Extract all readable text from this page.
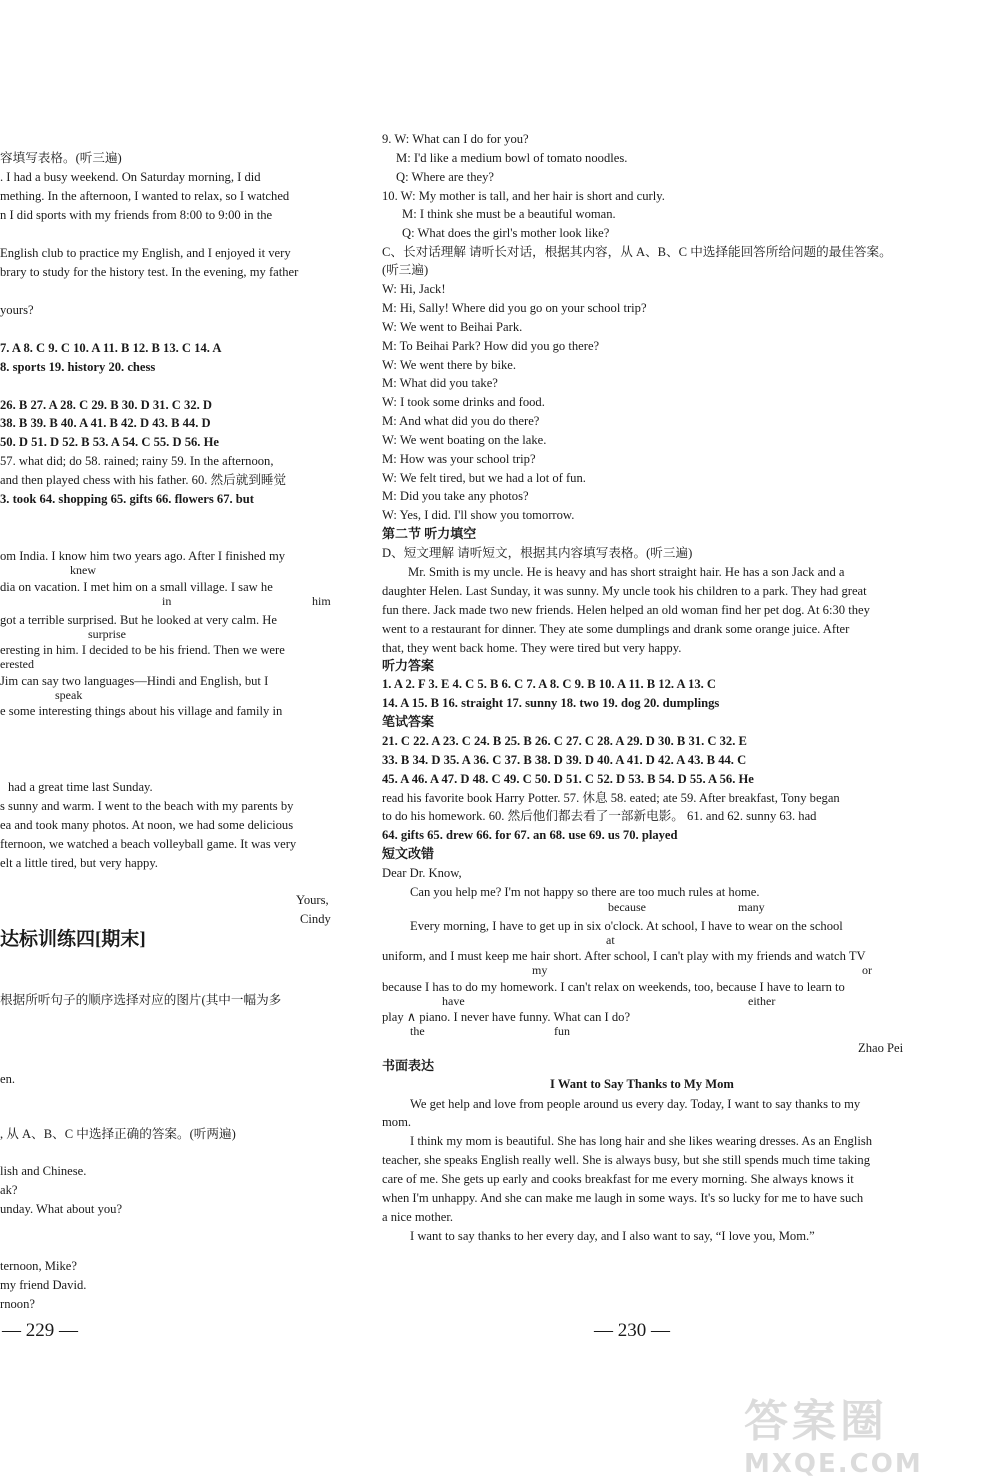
容填写表格。(听三遍)
. I had a busy weekend. On Saturday morning, I did
mething. In the afternoon, I wanted to relax, so I watched
n I did sports with my friends from 8:00 to 9:00 in the
English club to practice my English, and I enjoyed it very
brary to study for the history test. In the evening, my father
yours?
7. A 8. C 9. C 10. A 11. B 12. B 13. C 14. A
8. sports 19. history 20. chess
26. B 27. A 28. C 29. B 30. D 31. C 32. D
38. B 39. B 40. A 41. B 42. D 43. B 44. D
50. D 51. D 52. B 53. A 54. C 55. D 56. He
57. what did; do 58. rained; rainy 59. In the afternoon,
and then played chess with his father. 60. 然后就到睡觉
3. took 64. shopping 65. gifts 66. flowers 67. but
om India. I know him two years ago. After I finished my
knew
dia on vacation. I met him on a small village. I saw he
in	him
got a terrible surprised. But he looked at very calm. He
surprise
eresting in him. I decided to be his friend. Then we were
erested
Jim can say two languages—Hindi and English, but I
speak
e some interesting things about his village and family in
had a great time last Sunday.
s sunny and warm. I went to the beach with my parents by
ea and took many photos. At noon, we had some delicious
fternoon, we watched a beach volleyball game. It was very
elt a little tired, but very happy.
Yours,
Cindy
达标训练四[期末]
根据所听句子的顺序选择对应的图片(其中一幅为多
en.
, 从 A、B、C 中选择正确的答案。(听两遍)
lish and Chinese.
ak?
unday. What about you?
ternoon, Mike?
my friend David.
rnoon?
— 229 —
9. W: What can I do for you?
M: I'd like a medium bowl of tomato noodles.
Q: Where are they?
10. W: My mother is tall, and her hair is short and curly.
M: I think she must be a beautiful woman.
Q: What does the girl's mother look like?
C、长对话理解 请听长对话，根据其内容，从 A、B、C 中选择能回答所给问题的最佳答案。
(听三遍)
W: Hi, Jack!
M: Hi, Sally! Where did you go on your school trip?
W: We went to Beihai Park.
M: To Beihai Park? How did you go there?
W: We went there by bike.
M: What did you take?
W: I took some drinks and food.
M: And what did you do there?
W: We went boating on the lake.
M: How was your school trip?
W: We felt tired, but we had a lot of fun.
M: Did you take any photos?
W: Yes, I did. I'll show you tomorrow.
第二节 听力填空
D、短文理解 请听短文，根据其内容填写表格。(听三遍)
Mr. Smith is my uncle. He is heavy and has short straight hair. He has a son Jack and a
daughter Helen. Last Sunday, it was sunny. My uncle took his children to a park. They had great
fun there. Jack made two new friends. Helen helped an old woman find her pet dog. At 6:30 they
went to a restaurant for dinner. They ate some dumplings and drank some orange juice. After
that, they went back home. They were tired but very happy.
听力答案
1. A 2. F 3. E 4. C 5. B 6. C 7. A 8. C 9. B 10. A 11. B 12. A 13. C
14. A 15. B 16. straight 17. sunny 18. two 19. dog 20. dumplings
笔试答案
21. C 22. A 23. C 24. B 25. B 26. C 27. C 28. A 29. D 30. B 31. C 32. E
33. B 34. D 35. A 36. C 37. B 38. D 39. D 40. A 41. D 42. A 43. B 44. C
45. A 46. A 47. D 48. C 49. C 50. D 51. C 52. D 53. B 54. D 55. A 56. He
read his favorite book Harry Potter. 57. 休息 58. eated; ate 59. After breakfast, Tony began
to do his homework. 60. 然后他们都去看了一部新电影。 61. and 62. sunny 63. had
64. gifts 65. drew 66. for 67. an 68. use 69. us 70. played
短文改错
Dear Dr. Know,
Can you help me? I'm not happy so there are too much rules at home.
because	many
Every morning, I have to get up in six o'clock. At school, I have to wear on the school
at
uniform, and I must keep me hair short. After school, I can't play with my friends and watch TV
my	or
because I has to do my homework. I can't relax on weekends, too, because I have to learn to
have	either
play ∧ piano. I never have funny. What can I do?
the	fun
Zhao Pei
书面表达
I Want to Say Thanks to My Mom
We get help and love from people around us every day. Today, I want to say thanks to my
mom.
I think my mom is beautiful. She has long hair and she likes wearing dresses. As an English
teacher, she speaks English really well. She is always busy, but she still spends much time taking
care of me. She gets up early and cooks breakfast for me every morning. She always knows it
when I'm unhappy. And she can make me laugh in some ways. It's so lucky for me to have such
a nice mother.
I want to say thanks to her every day, and I also want to say, “I love you, Mom.”
— 230 —
答案圈
MXQE.COM
